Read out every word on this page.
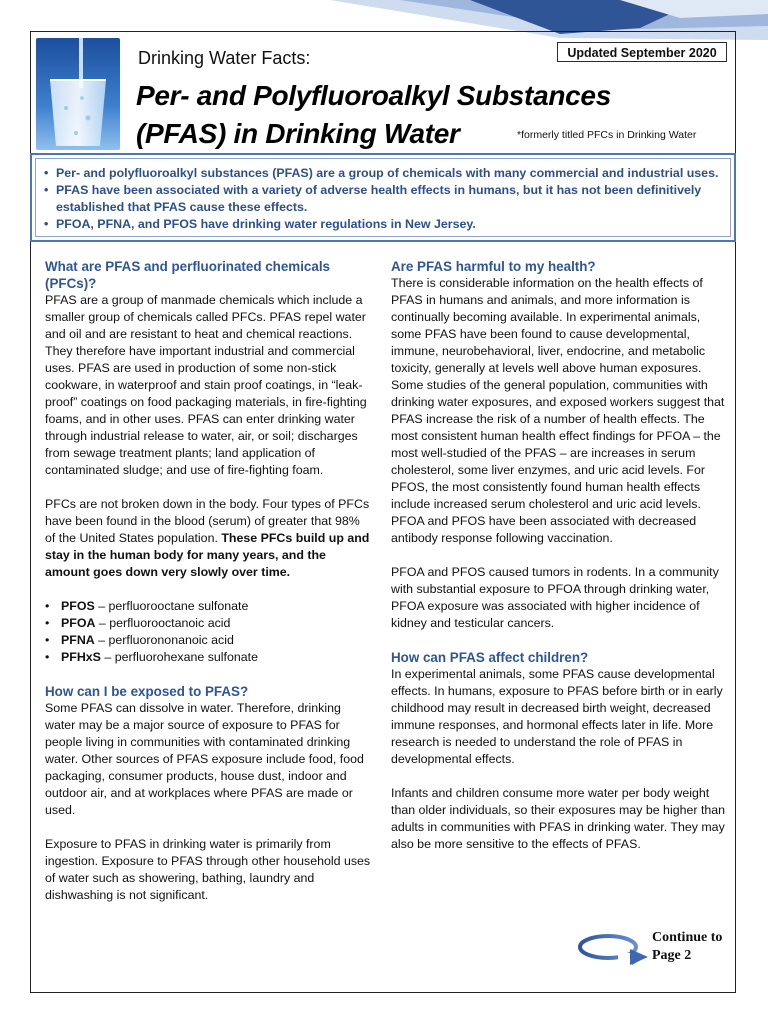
Drinking Water Facts:
Per- and Polyfluoroalkyl Substances
(PFAS) in Drinking Water
Updated September 2020
*formerly titled PFCs in Drinking Water
• Per- and polyfluoroalkyl substances (PFAS) are a group of chemicals with many commercial and industrial uses.
• PFAS have been associated with a variety of adverse health effects in humans, but it has not been definitively established that PFAS cause these effects.
• PFOA, PFNA, and PFOS have drinking water regulations in New Jersey.
What are PFAS and perfluorinated chemicals (PFCs)?

PFAS are a group of manmade chemicals which include a smaller group of chemicals called PFCs. PFAS repel water and oil and are resistant to heat and chemical reactions. They therefore have important industrial and commercial uses. PFAS are used in production of some non-stick cookware, in waterproof and stain proof coatings, in “leak-proof” coatings on food packaging materials, in fire-fighting foams, and in other uses. PFAS can enter drinking water through industrial release to water, air, or soil; discharges from sewage treatment plants; land application of contaminated sludge; and use of fire-fighting foam.

PFCs are not broken down in the body. Four types of PFCs have been found in the blood (serum) of greater that 98% of the United States population. These PFCs build up and stay in the human body for many years, and the amount goes down very slowly over time.

• PFOS – perfluorooctane sulfonate
• PFOA – perfluorooctanoic acid
• PFNA – perfluorononanoic acid
• PFHxS – perfluorohexane sulfonate
How can I be exposed to PFAS?

Some PFAS can dissolve in water. Therefore, drinking water may be a major source of exposure to PFAS for people living in communities with contaminated drinking water. Other sources of PFAS exposure include food, food packaging, consumer products, house dust, indoor and outdoor air, and at workplaces where PFAS are made or used.

Exposure to PFAS in drinking water is primarily from ingestion. Exposure to PFAS through other household uses of water such as showering, bathing, laundry and dishwashing is not significant.

Are PFAS harmful to my health?

There is considerable information on the health effects of PFAS in humans and animals, and more information is continually becoming available. In experimental animals, some PFAS have been found to cause developmental, immune, neurobehavioral, liver, endocrine, and metabolic toxicity, generally at levels well above human exposures. Some studies of the general population, communities with drinking water exposures, and exposed workers suggest that PFAS increase the risk of a number of health effects. The most consistent human health effect findings for PFOA – the most well-studied of the PFAS – are increases in serum cholesterol, some liver enzymes, and uric acid levels. For PFOS, the most consistently found human health effects include increased serum cholesterol and uric acid levels. PFOA and PFOS have been associated with decreased antibody response following vaccination.

PFOA and PFOS caused tumors in rodents. In a community with substantial exposure to PFOA through drinking water, PFOA exposure was associated with higher incidence of kidney and testicular cancers.

How can PFAS affect children?

In experimental animals, some PFAS cause developmental effects. In humans, exposure to PFAS before birth or in early childhood may result in decreased birth weight, decreased immune responses, and hormonal effects later in life. More research is needed to understand the role of PFAS in developmental effects.

Infants and children consume more water per body weight than older individuals, so their exposures may be higher than adults in communities with PFAS in drinking water. They may also be more sensitive to the effects of PFAS.

Continue to
Page 2
